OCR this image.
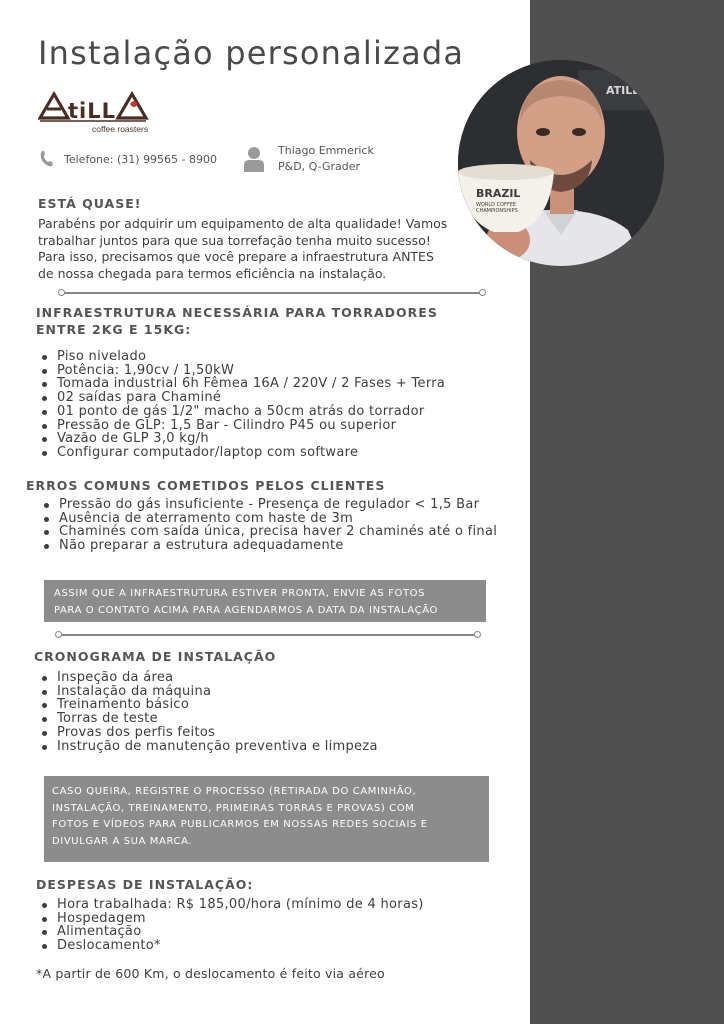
Instalação personalizada
tiLL
coffee roasters
Telefone: (31) 99565 - 8900
Thiago Emmerick
P&D, Q-Grader
ATILLA
BRAZIL
WORLD COFFEE
CHAMPIONSHIPS
ESTÁ QUASE!
Parabéns por adquirir um equipamento de alta qualidade! Vamos
trabalhar juntos para que sua torrefação tenha muito sucesso!
Para isso, precisamos que você prepare a infraestrutura ANTES
de nossa chegada para termos eficiência na instalação.
INFRAESTRUTURA NECESSÁRIA PARA TORRADORES
ENTRE 2KG E 15KG:
Piso nivelado
Potência: 1,90cv / 1,50kW
Tomada industrial 6h Fêmea 16A / 220V / 2 Fases + Terra
02 saídas para Chaminé
01 ponto de gás 1/2" macho a 50cm atrás do torrador
Pressão de GLP: 1,5 Bar - Cilindro P45 ou superior
Vazão de GLP 3,0 kg/h
Configurar computador/laptop com software
ERROS COMUNS COMETIDOS PELOS CLIENTES
Pressão do gás insuficiente - Presença de regulador < 1,5 Bar
Ausência de aterramento com haste de 3m
Chaminés com saída única, precisa haver 2 chaminés até o final
Não preparar a estrutura adequadamente
ASSIM QUE A INFRAESTRUTURA ESTIVER PRONTA, ENVIE AS FOTOS
PARA O CONTATO ACIMA PARA AGENDARMOS A DATA DA INSTALAÇÃO
CRONOGRAMA DE INSTALAÇÃO
Inspeção da área
Instalação da máquina
Treinamento básico
Torras de teste
Provas dos perfis feitos
Instrução de manutenção preventiva e limpeza
CASO QUEIRA, REGISTRE O PROCESSO (RETIRADA DO CAMINHÃO,
INSTALAÇÃO, TREINAMENTO, PRIMEIRAS TORRAS E PROVAS) COM
FOTOS E VÍDEOS PARA PUBLICARMOS EM NOSSAS REDES SOCIAIS E
DIVULGAR A SUA MARCA.
DESPESAS DE INSTALAÇÃO:
Hora trabalhada: R$ 185,00/hora (mínimo de 4 horas)
Hospedagem
Alimentação
Deslocamento*
*A partir de 600 Km, o deslocamento é feito via aéreo
